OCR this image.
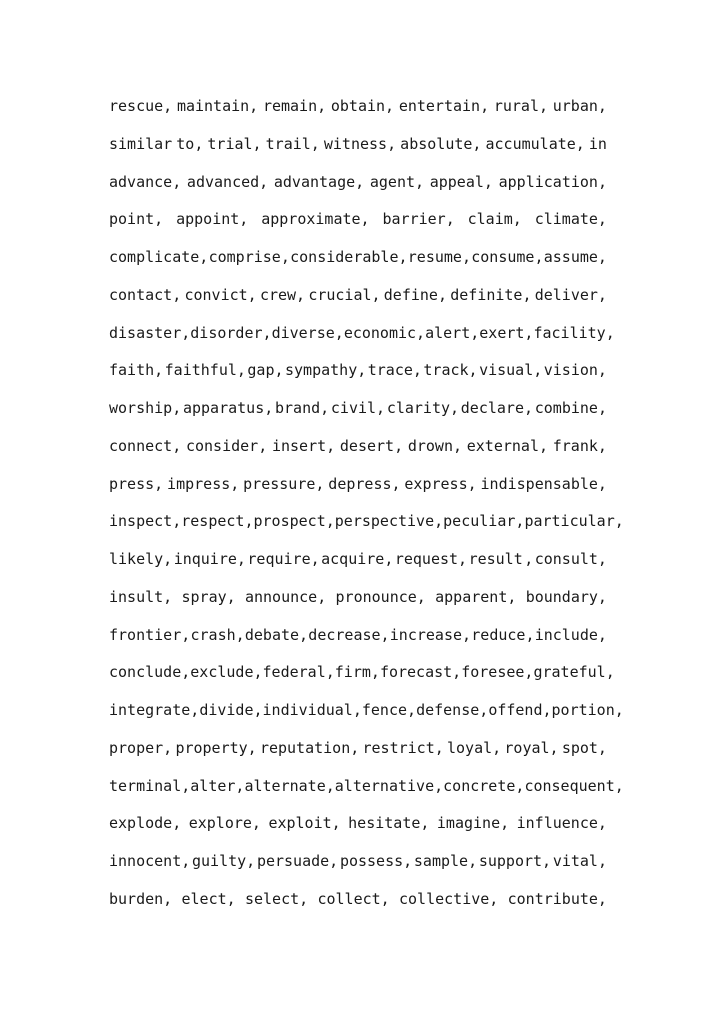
rescue, maintain, remain, obtain, entertain, rural, urban,
similar to, trial, trail, witness, absolute, accumulate, in
advance, advanced, advantage, agent, appeal, application,
point, appoint, approximate, barrier, claim, climate,
complicate, comprise, considerable, resume, consume, assume,
contact, convict, crew, crucial, define, definite, deliver,
disaster, disorder, diverse, economic, alert, exert, facility,
faith, faithful, gap, sympathy, trace, track, visual, vision,
worship, apparatus, brand, civil, clarity, declare, combine,
connect, consider, insert, desert, drown, external, frank,
press, impress, pressure, depress, express, indispensable,
inspect, respect, prospect, perspective, peculiar, particular,
likely, inquire, require, acquire, request, result , consult,
insult, spray, announce, pronounce, apparent, boundary,
frontier, crash, debate, decrease, increase, reduce, include,
conclude, exclude, federal, firm, forecast, foresee, grateful,
integrate, divide, individual, fence, defense, offend, portion,
proper, property, reputation, restrict, loyal, royal, spot,
terminal, alter, alternate, alternative, concrete, consequent,
explode, explore, exploit, hesitate, imagine, influence,
innocent, guilty, persuade, possess, sample, support, vital,
burden, elect, select, collect, collective, contribute,
